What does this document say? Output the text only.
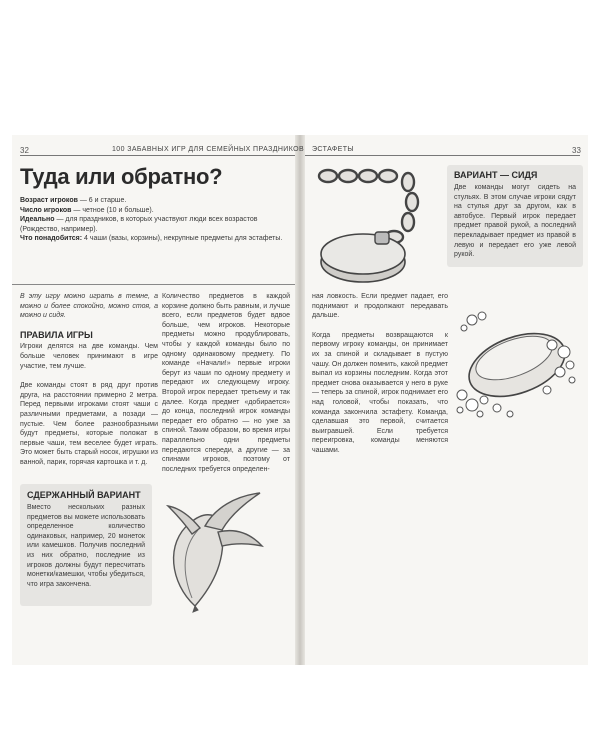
32	100 ЗАБАВНЫХ ИГР ДЛЯ СЕМЕЙНЫХ ПРАЗДНИКОВ
Туда или обратно?
Возраст игроков — 6 и старше.
Число игроков — четное (10 и больше).
Идеально — для праздников, в которых участвуют люди всех возрастов (Рождество, например).
Что понадобится: 4 чаши (вазы, корзины), некрупные предметы для эстафеты.

В эту игру можно играть в темне, а можно и более спокойно, можно стоя, а можно и сидя.

ПРАВИЛА ИГРЫ

Игроки делятся на две команды. Чем больше человек принимают в игре участие, тем лучше.

Две команды стоят в ряд друг против друга, на расстоянии примерно 2 метра. Перед первыми игроками стоят чаши с различными предметами, а позади — пустые. Чем более разнообразными будут предметы, которые положат в первые чаши, тем веселее будет играть. Это может быть старый носок, игрушки из ванной, парик, горячая картошка и т. д.

Количество предметов в каждой корзине должно быть равным, и лучше всего, если предметов будет вдвое больше, чем игроков. Некоторые предметы можно продублировать, чтобы у каждой команды было по одному одинаковому предмету. По команде «Начали!» первые игроки берут из чаши по одному предмету и передают их следующему игроку. Второй игрок передает третьему и так далее. Когда предмет «добирается» до конца, последний игрок команды передает его обратно — но уже за спиной. Таким образом, во время игры параллельно одни предметы передаются спереди, а другие — за спинами игроков, поэтому от последних требуется определен-

СДЕРЖАННЫЙ ВАРИАНТ
Вместо нескольких разных предметов вы можете использовать определенное количество одинаковых, например, 20 монеток или камешков. Получив последний из них обратно, последние из игроков должны будут пересчитать монетки/камешки, чтобы убедиться, что игра закончена.
ЭСТАФЕТЫ	33
ВАРИАНТ — СИДЯ
Две команды могут сидеть на стульях. В этом случае игроки сядут на стулья друг за другом, как в автобусе. Первый игрок передает предмет правой рукой, а последний перекладывает предмет из правой в левую и передает его уже левой рукой.

ная ловкость. Если предмет падает, его поднимают и продолжают передавать дальше.

Когда предметы возвращаются к первому игроку команды, он принимает их за спиной и складывает в пустую чашу. Он должен помнить, какой предмет выпал из корзины последним. Когда этот предмет снова оказывается у него в руке — теперь за спиной, игрок поднимает его над головой, чтобы показать, что команда закончила эстафету. Команда, сделавшая это первой, считается выигравшей. Если требуется переигровка, команды меняются чашами.
